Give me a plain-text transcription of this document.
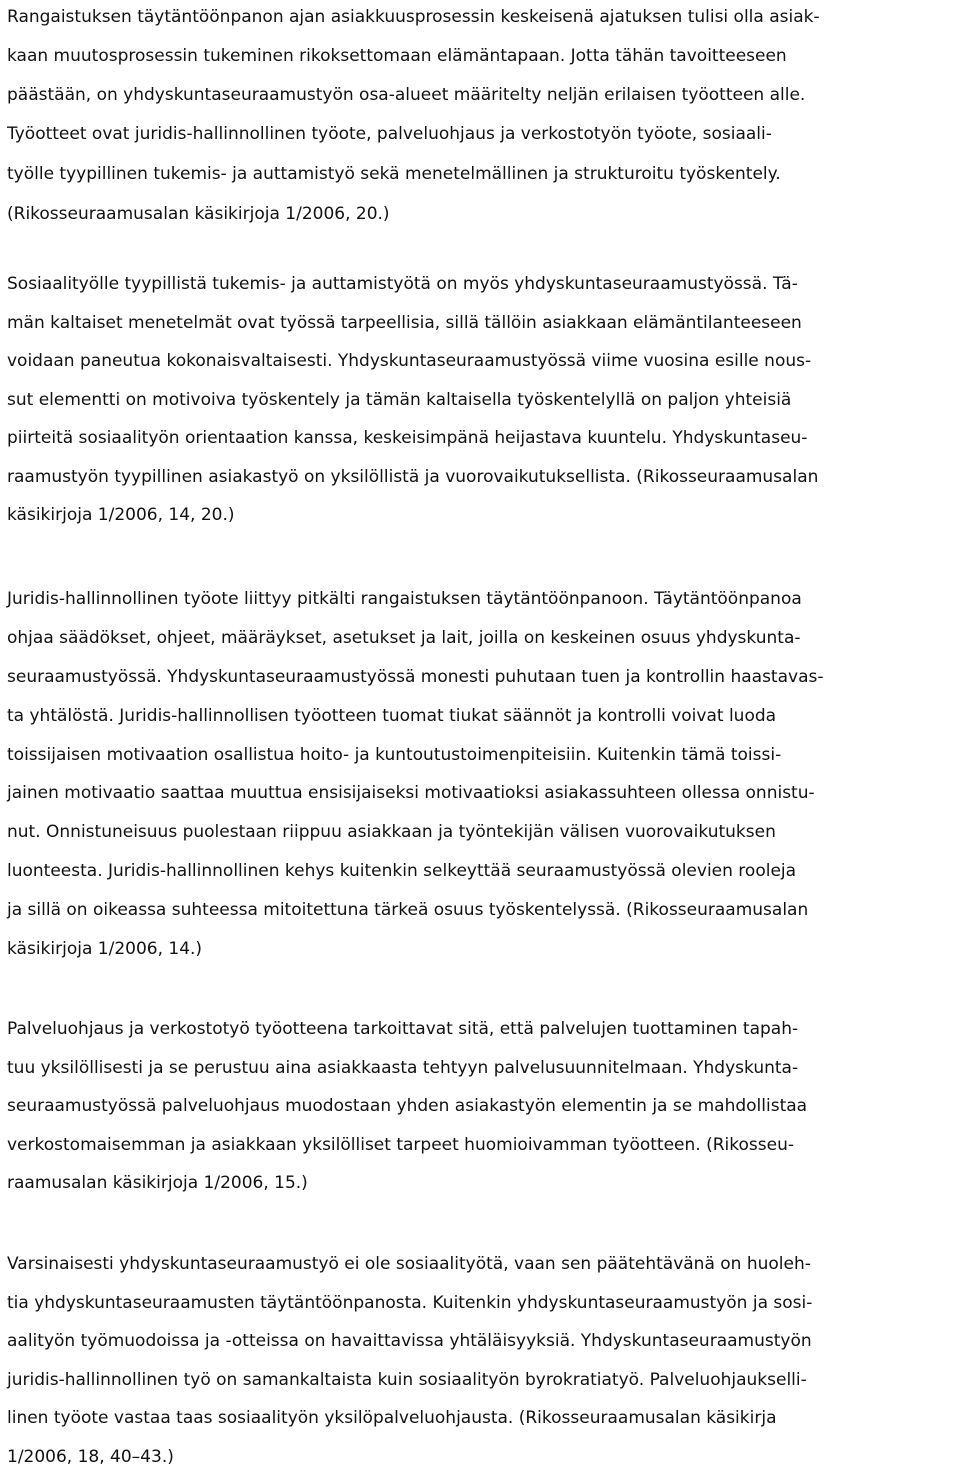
Rangaistuksen täytäntöönpanon ajan asiakkuusprosessin keskeisenä ajatuksen tulisi olla asiak-
kaan muutosprosessin tukeminen rikoksettomaan elämäntapaan. Jotta tähän tavoitteeseen
päästään, on yhdyskuntaseuraamustyön osa-alueet määritelty neljän erilaisen työotteen alle.
Työotteet ovat juridis-hallinnollinen työote, palveluohjaus ja verkostotyön työote, sosiaali-
työlle tyypillinen tukemis- ja auttamistyö sekä menetelmällinen ja strukturoitu työskentely.
(Rikosseuraamusalan käsikirjoja 1/2006, 20.)
Sosiaalityölle tyypillistä tukemis- ja auttamistyötä on myös yhdyskuntaseuraamustyössä. Tä-
män kaltaiset menetelmät ovat työssä tarpeellisia, sillä tällöin asiakkaan elämäntilanteeseen
voidaan paneutua kokonaisvaltaisesti. Yhdyskuntaseuraamustyössä viime vuosina esille nous-
sut elementti on motivoiva työskentely ja tämän kaltaisella työskentelyllä on paljon yhteisiä
piirteitä sosiaalityön orientaation kanssa, keskeisimpänä heijastava kuuntelu. Yhdyskuntaseu-
raamustyön tyypillinen asiakastyö on yksilöllistä ja vuorovaikutuksellista. (Rikosseuraamusalan
käsikirjoja 1/2006, 14, 20.)
Juridis-hallinnollinen työote liittyy pitkälti rangaistuksen täytäntöönpanoon. Täytäntöönpanoa
ohjaa säädökset, ohjeet, määräykset, asetukset ja lait, joilla on keskeinen osuus yhdyskunta-
seuraamustyössä. Yhdyskuntaseuraamustyössä monesti puhutaan tuen ja kontrollin haastavas-
ta yhtälöstä. Juridis-hallinnollisen työotteen tuomat tiukat säännöt ja kontrolli voivat luoda
toissijaisen motivaation osallistua hoito- ja kuntoutustoimenpiteisiin. Kuitenkin tämä toissi-
jainen motivaatio saattaa muuttua ensisijaiseksi motivaatioksi asiakassuhteen ollessa onnistu-
nut. Onnistuneisuus puolestaan riippuu asiakkaan ja työntekijän välisen vuorovaikutuksen
luonteesta. Juridis-hallinnollinen kehys kuitenkin selkeyttää seuraamustyössä olevien rooleja
ja sillä on oikeassa suhteessa mitoitettuna tärkeä osuus työskentelyssä. (Rikosseuraamusalan
käsikirjoja 1/2006, 14.)
Palveluohjaus ja verkostotyö työotteena tarkoittavat sitä, että palvelujen tuottaminen tapah-
tuu yksilöllisesti ja se perustuu aina asiakkaasta tehtyyn palvelusuunnitelmaan. Yhdyskunta-
seuraamustyössä palveluohjaus muodostaan yhden asiakastyön elementin ja se mahdollistaa
verkostomaisemman ja asiakkaan yksilölliset tarpeet huomioivamman työotteen. (Rikosseu-
raamusalan käsikirjoja 1/2006, 15.)
Varsinaisesti yhdyskuntaseuraamustyö ei ole sosiaalityötä, vaan sen päätehtävänä on huoleh-
tia yhdyskuntaseuraamusten täytäntöönpanosta. Kuitenkin yhdyskuntaseuraamustyön ja sosi-
aalityön työmuodoissa ja -otteissa on havaittavissa yhtäläisyyksiä. Yhdyskuntaseuraamustyön
juridis-hallinnollinen työ on samankaltaista kuin sosiaalityön byrokratiatyö. Palveluohjaukselli-
linen työote vastaa taas sosiaalityön yksilöpalveluohjausta. (Rikosseuraamusalan käsikirja
1/2006, 18, 40–43.)
